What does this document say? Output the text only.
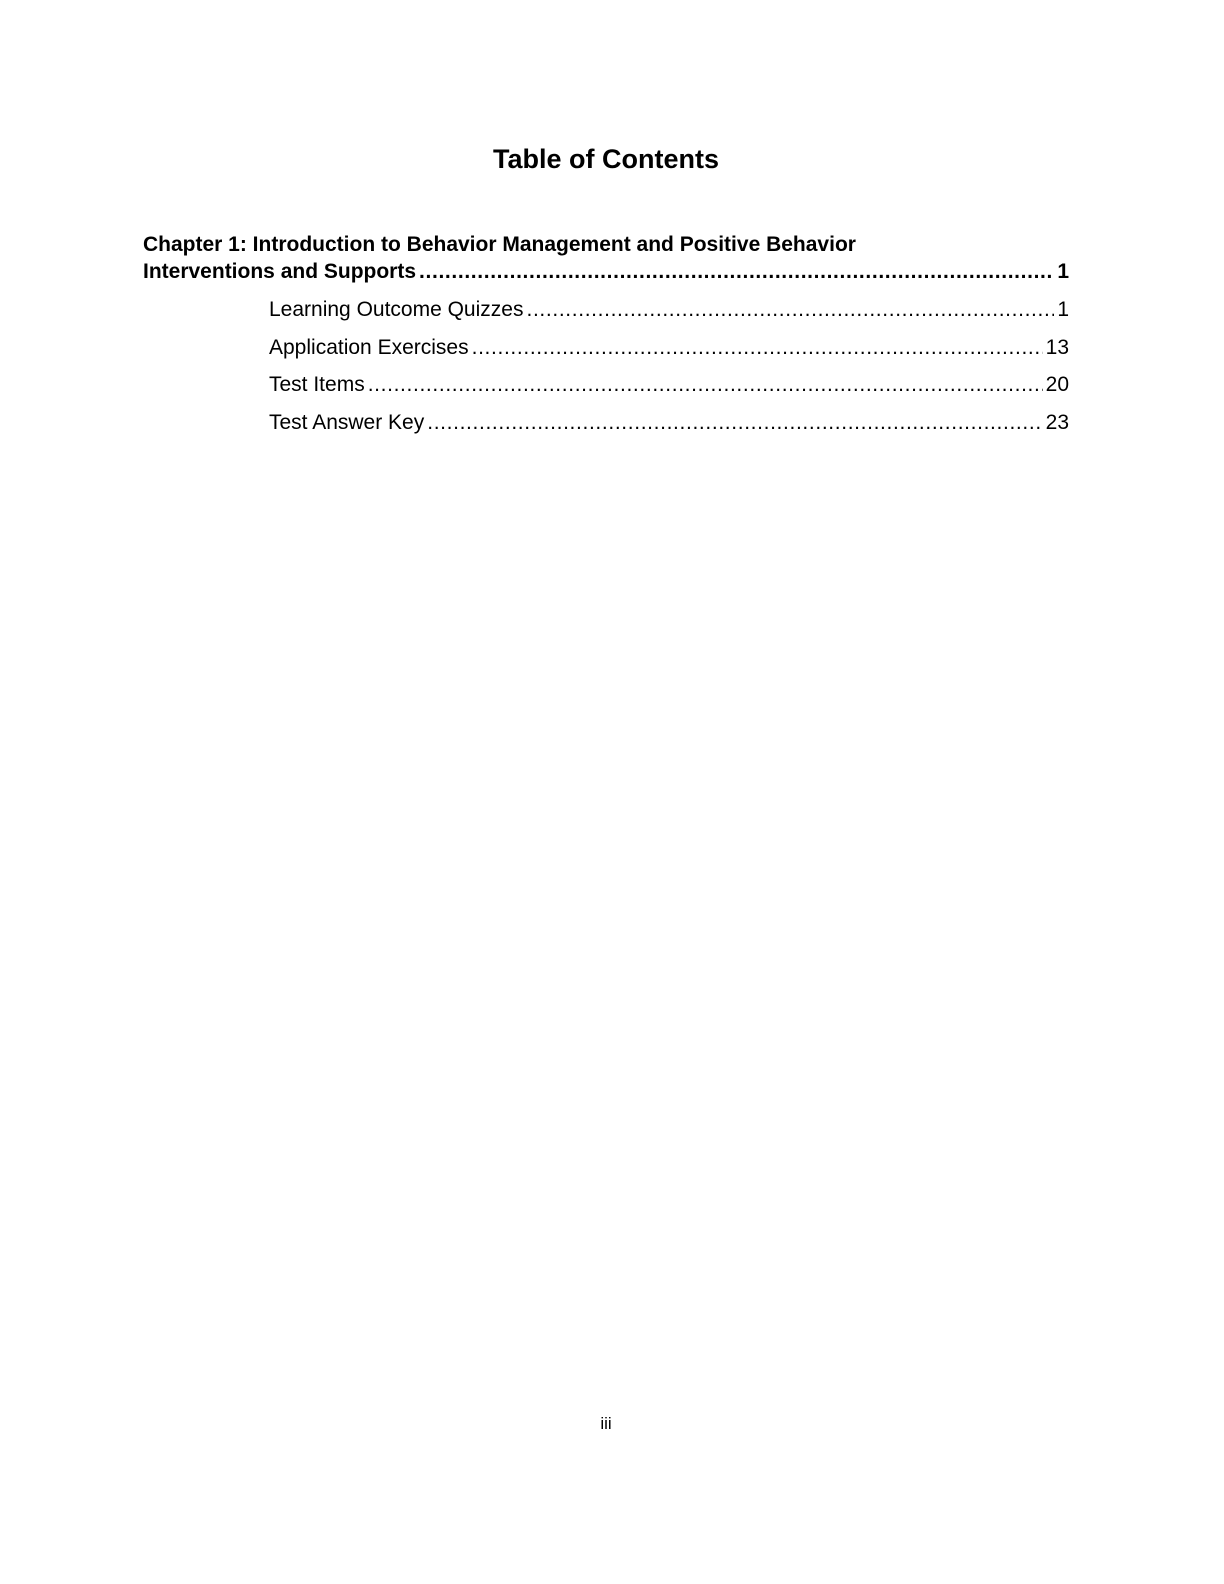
Table of Contents
Chapter 1: Introduction to Behavior Management and Positive Behavior
Interventions and Supports . . .	1
Learning Outcome Quizzes . . .	1
Application Exercises . . .	13
Test Items . . .	20
Test Answer Key . . .	23
iii
